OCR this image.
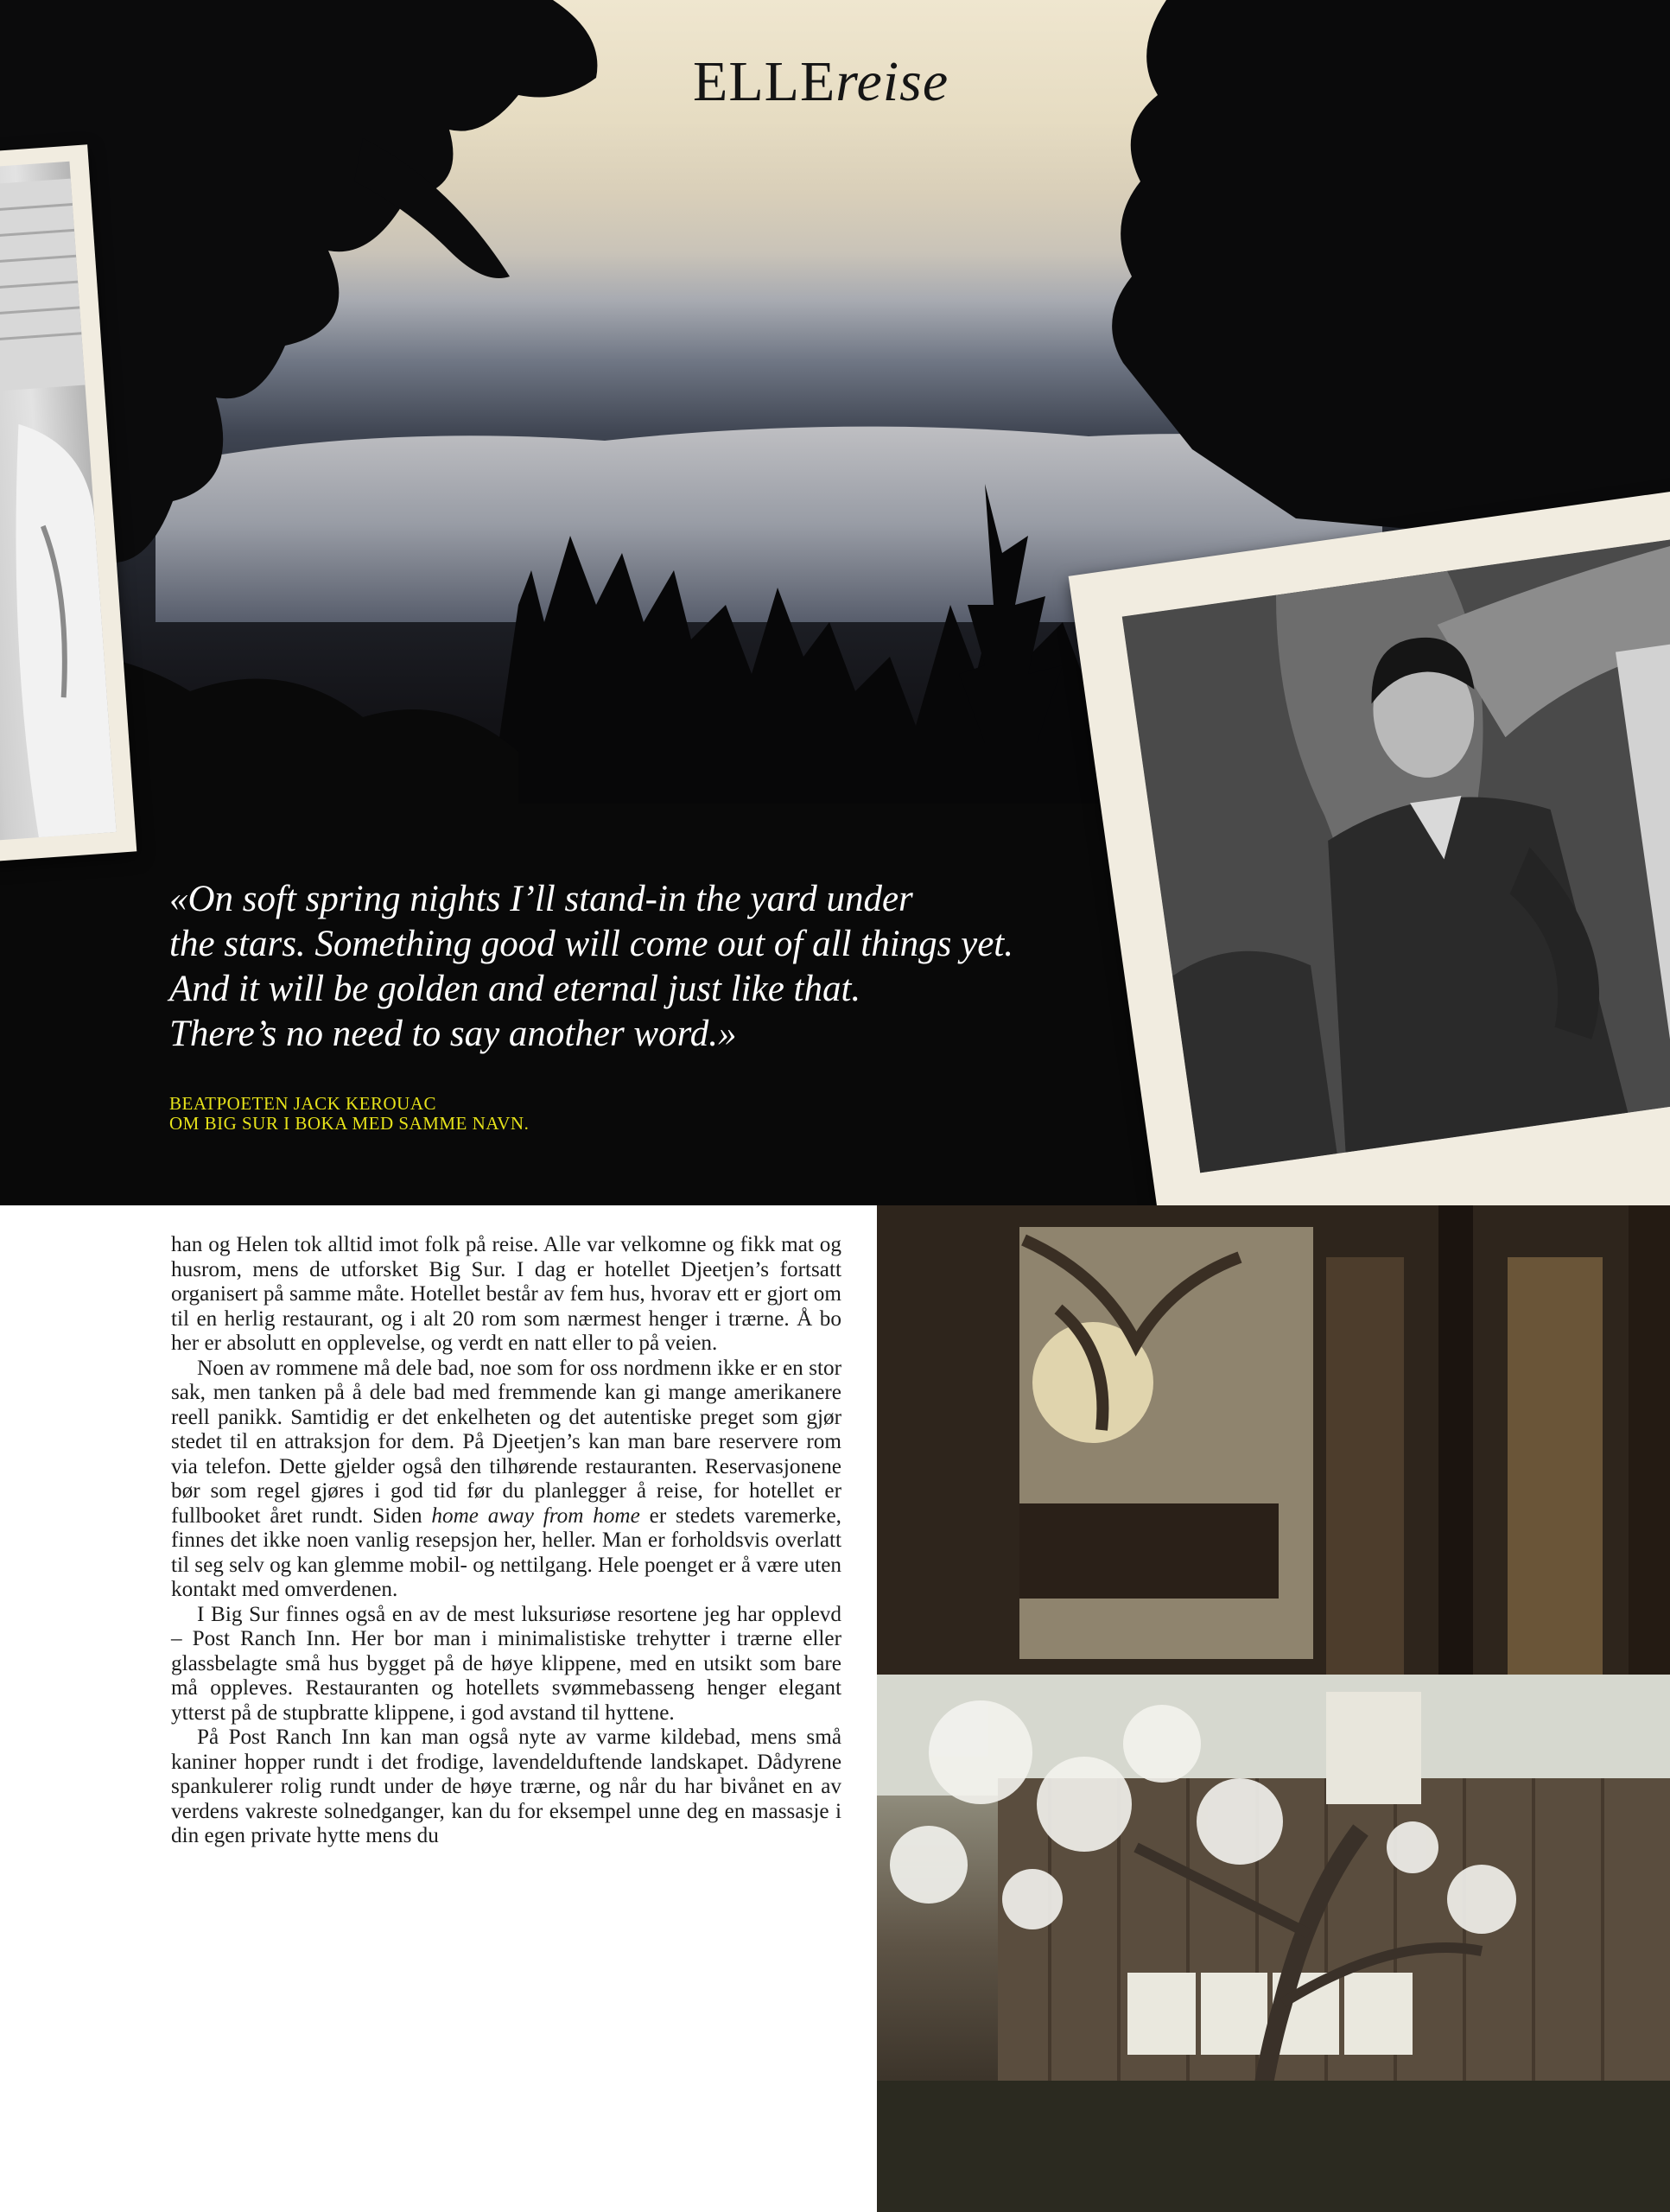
ELLEreise
«On soft spring nights I’ll stand-in the yard under
the stars. Something good will come out of all things yet.
And it will be golden and eternal just like that.
There’s no need to say another word.»
BEATPOETEN JACK KEROUAC
OM BIG SUR I BOKA MED SAMME NAVN.

han og Helen tok alltid imot folk på reise. Alle var velkomne og fikk mat og husrom, mens de utforsket Big Sur. I dag er hotellet Djeetjen’s fortsatt organisert på samme måte. Hotellet består av fem hus, hvorav ett er gjort om til en herlig restaurant, og i alt 20 rom som nærmest henger i trærne. Å bo her er absolutt en opplevelse, og verdt en natt eller to på veien.

Noen av rommene må dele bad, noe som for oss nordmenn ikke er en stor sak, men tanken på å dele bad med fremmende kan gi mange amerikanere reell panikk. Samtidig er det enkelheten og det autentiske preget som gjør stedet til en attraksjon for dem. På Djeetjen’s kan man bare reservere rom via telefon. Dette gjelder også den tilhørende restauranten. Reservasjonene bør som regel gjøres i god tid før du planlegger å reise, for hotellet er fullbooket året rundt. Siden home away from home er stedets varemerke, finnes det ikke noen vanlig resepsjon her, heller. Man er forholdsvis overlatt til seg selv og kan glemme mobil- og nettilgang. Hele poenget er å være uten kontakt med omverdenen.

I Big Sur finnes også en av de mest luksuriøse resortene jeg har opplevd – Post Ranch Inn. Her bor man i minimalistiske trehytter i trærne eller glassbelagte små hus bygget på de høye klippene, med en utsikt som bare må oppleves. Restauranten og hotellets svømmebasseng henger elegant ytterst på de stupbratte klippene, i god avstand til hyttene.

På Post Ranch Inn kan man også nyte av varme kildebad, mens små kaniner hopper rundt i det frodige, lavendelduftende landskapet. Dådyrene spankulerer rolig rundt under de høye trærne, og når du har bivånet en av verdens vakreste solnedganger, kan du for eksempel unne deg en massasje i din egen private hytte mens du
